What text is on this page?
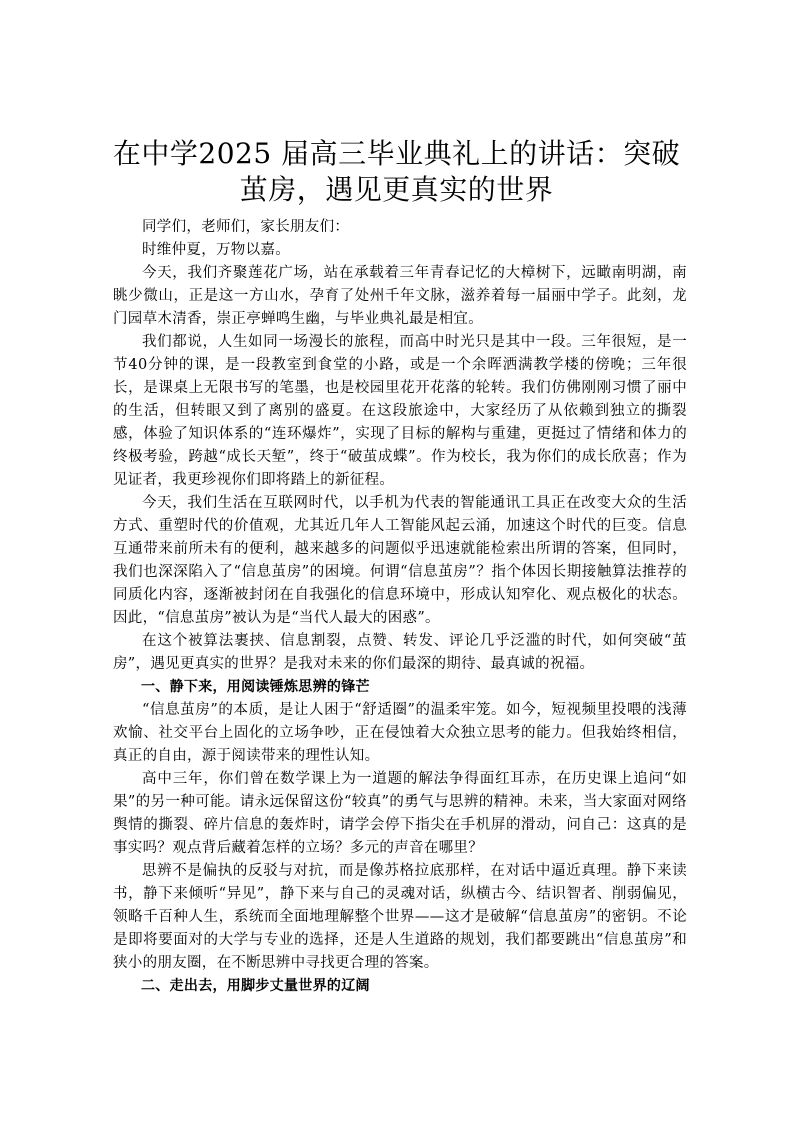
在中学2025 届高三毕业典礼上的讲话：突破茧房，遇见更真实的世界

同学们，老师们，家长朋友们：

时维仲夏，万物以嘉。

今天，我们齐聚莲花广场，站在承载着三年青春记忆的大樟树下，远瞰南明湖，南眺少微山，正是这一方山水，孕育了处州千年文脉，滋养着每一届丽中学子。此刻，龙门园草木清香，崇正亭蝉鸣生幽，与毕业典礼最是相宜。

我们都说，人生如同一场漫长的旅程，而高中时光只是其中一段。三年很短，是一节40分钟的课，是一段教室到食堂的小路，或是一个余晖洒满教学楼的傍晚；三年很长，是课桌上无限书写的笔墨，也是校园里花开花落的轮转。我们仿佛刚刚习惯了丽中的生活，但转眼又到了离别的盛夏。在这段旅途中，大家经历了从依赖到独立的撕裂感，体验了知识体系的“连环爆炸”，实现了目标的解构与重建，更挺过了情绪和体力的终极考验，跨越“成长天堑”，终于“破茧成蝶”。作为校长，我为你们的成长欣喜；作为见证者，我更珍视你们即将踏上的新征程。

今天，我们生活在互联网时代，以手机为代表的智能通讯工具正在改变大众的生活方式、重塑时代的价值观，尤其近几年人工智能风起云涌，加速这个时代的巨变。信息互通带来前所未有的便利，越来越多的问题似乎迅速就能检索出所谓的答案，但同时，我们也深深陷入了“信息茧房”的困境。何谓“信息茧房”？指个体因长期接触算法推荐的同质化内容，逐渐被封闭在自我强化的信息环境中，形成认知窄化、观点极化的状态。因此，“信息茧房”被认为是“当代人最大的困惑”。

在这个被算法裹挟、信息割裂，点赞、转发、评论几乎泛滥的时代，如何突破“茧房”，遇见更真实的世界？是我对未来的你们最深的期待、最真诚的祝福。

一、静下来，用阅读锤炼思辨的锋芒

“信息茧房”的本质，是让人困于“舒适圈”的温柔牢笼。如今，短视频里投喂的浅薄欢愉、社交平台上固化的立场争吵，正在侵蚀着大众独立思考的能力。但我始终相信，真正的自由，源于阅读带来的理性认知。

高中三年，你们曾在数学课上为一道题的解法争得面红耳赤，在历史课上追问“如果”的另一种可能。请永远保留这份“较真”的勇气与思辨的精神。未来，当大家面对网络舆情的撕裂、碎片信息的轰炸时，请学会停下指尖在手机屏的滑动，问自己：这真的是事实吗？观点背后藏着怎样的立场？多元的声音在哪里？

思辨不是偏执的反驳与对抗，而是像苏格拉底那样，在对话中逼近真理。静下来读书，静下来倾听“异见”，静下来与自己的灵魂对话，纵横古今、结识智者、削弱偏见，领略千百种人生，系统而全面地理解整个世界——这才是破解“信息茧房”的密钥。不论是即将要面对的大学与专业的选择，还是人生道路的规划，我们都要跳出“信息茧房”和狭小的朋友圈，在不断思辨中寻找更合理的答案。

二、走出去，用脚步丈量世界的辽阔
